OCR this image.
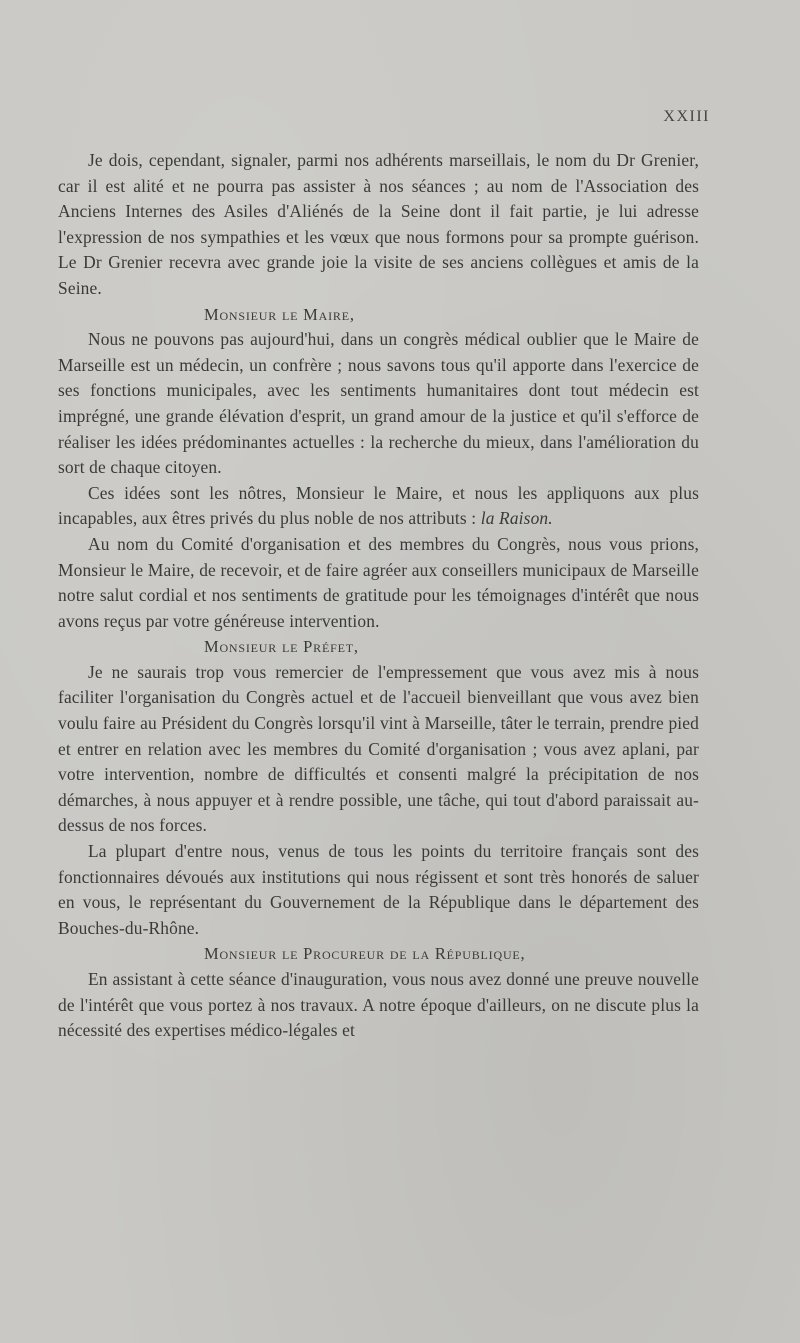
XXIII

Je dois, cependant, signaler, parmi nos adhérents marseillais, le nom du Dr Grenier, car il est alité et ne pourra pas assister à nos séances ; au nom de l'Association des Anciens Internes des Asiles d'Aliénés de la Seine dont il fait partie, je lui adresse l'expression de nos sympathies et les vœux que nous formons pour sa prompte guérison. Le Dr Grenier recevra avec grande joie la visite de ses anciens collègues et amis de la Seine.

Monsieur le Maire,

Nous ne pouvons pas aujourd'hui, dans un congrès médical oublier que le Maire de Marseille est un médecin, un confrère ; nous savons tous qu'il apporte dans l'exercice de ses fonctions municipales, avec les sentiments humanitaires dont tout médecin est imprégné, une grande élévation d'esprit, un grand amour de la justice et qu'il s'efforce de réaliser les idées prédominantes actuelles : la recherche du mieux, dans l'amélioration du sort de chaque citoyen.

Ces idées sont les nôtres, Monsieur le Maire, et nous les appliquons aux plus incapables, aux êtres privés du plus noble de nos attributs : la Raison.

Au nom du Comité d'organisation et des membres du Congrès, nous vous prions, Monsieur le Maire, de recevoir, et de faire agréer aux conseillers municipaux de Marseille notre salut cordial et nos sentiments de gratitude pour les témoignages d'intérêt que nous avons reçus par votre généreuse intervention.

Monsieur le Préfet,

Je ne saurais trop vous remercier de l'empressement que vous avez mis à nous faciliter l'organisation du Congrès actuel et de l'accueil bienveillant que vous avez bien voulu faire au Président du Congrès lorsqu'il vint à Marseille, tâter le terrain, prendre pied et entrer en relation avec les membres du Comité d'organisation ; vous avez aplani, par votre intervention, nombre de difficultés et consenti malgré la précipitation de nos démarches, à nous appuyer et à rendre possible, une tâche, qui tout d'abord paraissait au-dessus de nos forces.

La plupart d'entre nous, venus de tous les points du territoire français sont des fonctionnaires dévoués aux institutions qui nous régissent et sont très honorés de saluer en vous, le représentant du Gouvernement de la République dans le département des Bouches-du-Rhône.

Monsieur le Procureur de la République,

En assistant à cette séance d'inauguration, vous nous avez donné une preuve nouvelle de l'intérêt que vous portez à nos travaux. A notre époque d'ailleurs, on ne discute plus la nécessité des expertises médico-légales et
